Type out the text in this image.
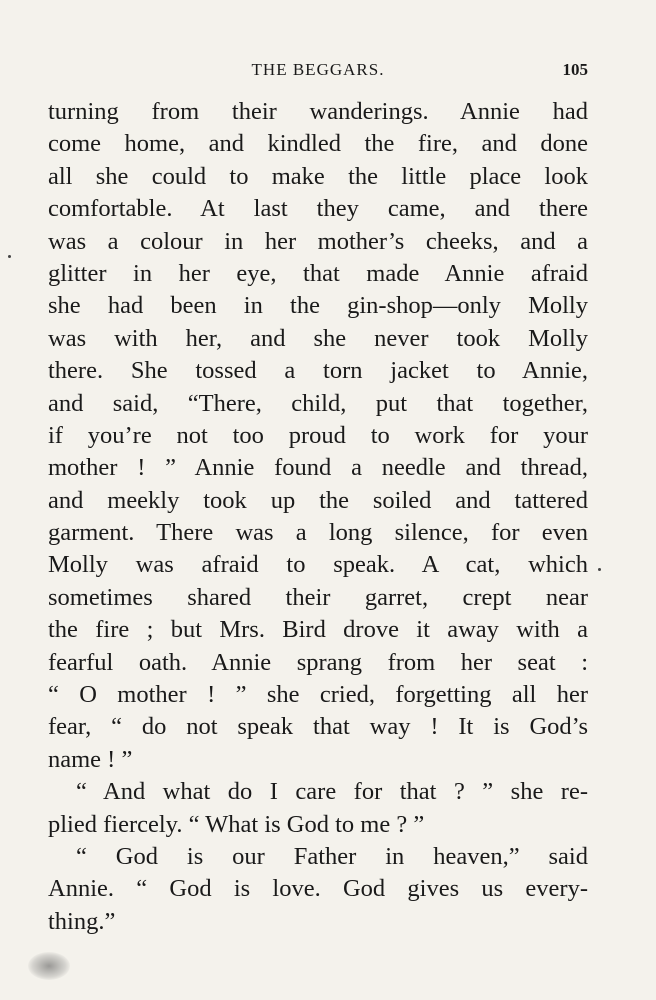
THE BEGGARS.	105
turning from their wanderings. Annie had
come home, and kindled the fire, and done
all she could to make the little place look
comfortable. At last they came, and there
was a colour in her mother’s cheeks, and a
glitter in her eye, that made Annie afraid
she had been in the gin-shop—only Molly
was with her, and she never took Molly
there. She tossed a torn jacket to Annie,
and said, “There, child, put that together,
if you’re not too proud to work for your
mother ! ” Annie found a needle and thread,
and meekly took up the soiled and tattered
garment. There was a long silence, for even
Molly was afraid to speak. A cat, which
sometimes shared their garret, crept near
the fire ; but Mrs. Bird drove it away with a
fearful oath. Annie sprang from her seat :
“ O mother ! ” she cried, forgetting all her
fear, “ do not speak that way ! It is God’s
name ! ”
“ And what do I care for that ? ” she re-
plied fiercely. “ What is God to me ? ”
“ God is our Father in heaven,” said
Annie. “ God is love. God gives us every-
thing.”
